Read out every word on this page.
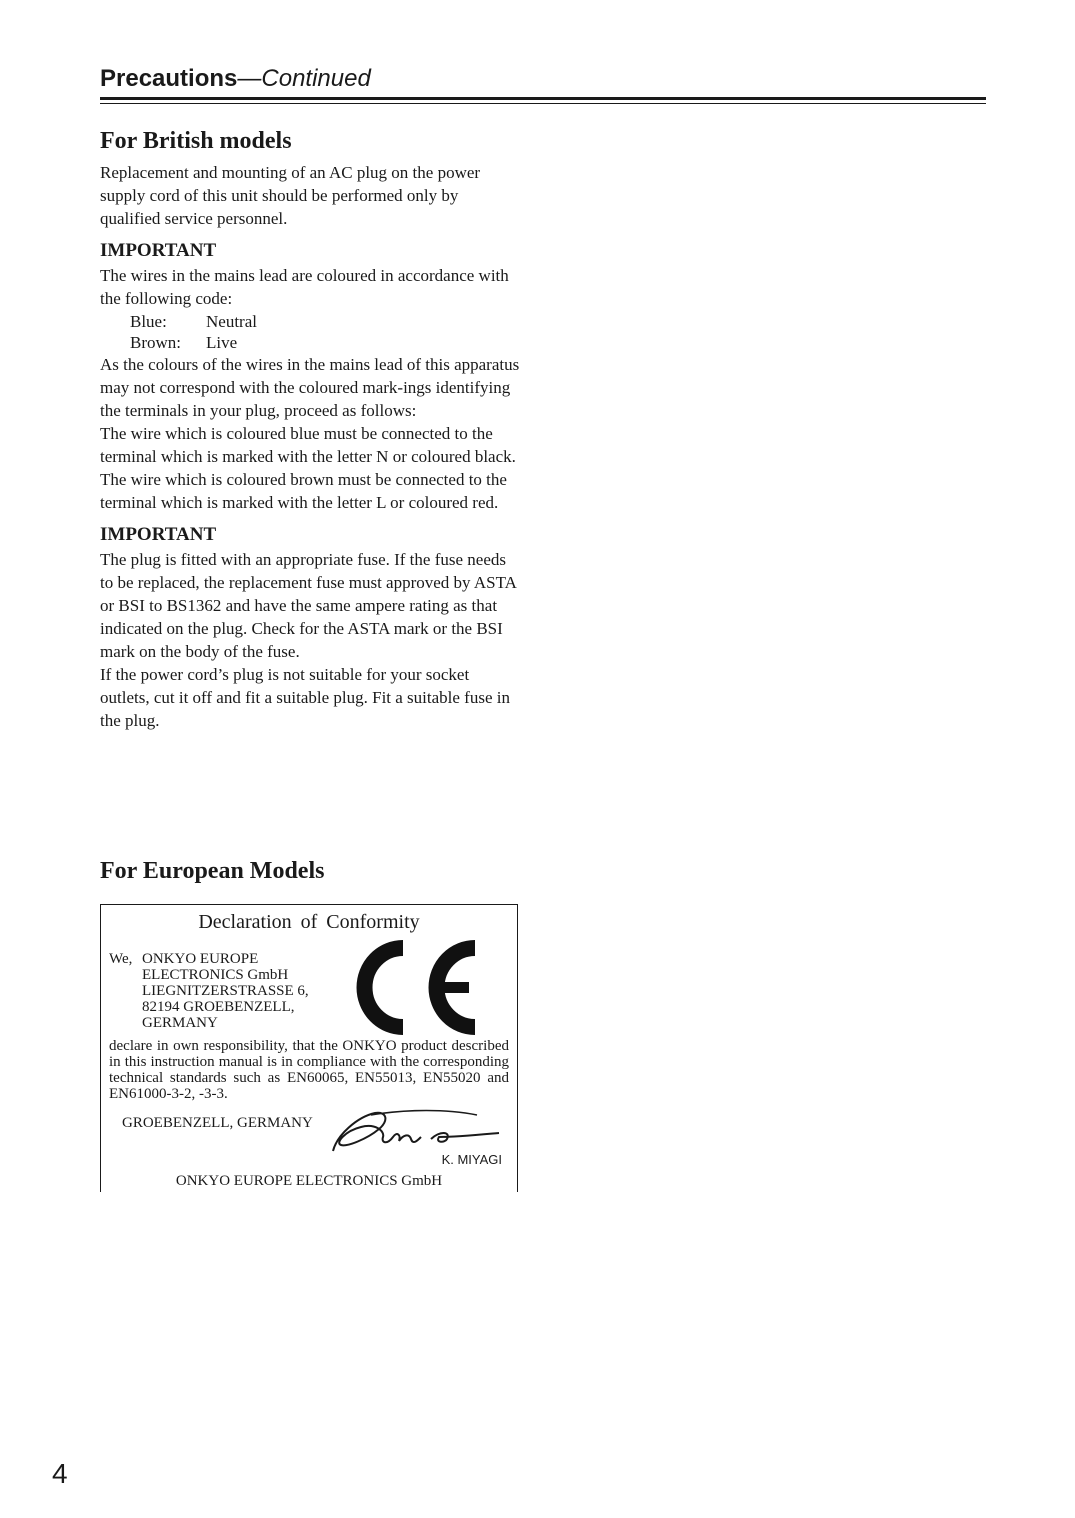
Precautions—Continued
For British models

Replacement and mounting of an AC plug on the power supply cord of this unit should be performed only by qualified service personnel.

IMPORTANT

The wires in the mains lead are coloured in accordance with the following code:

Blue:	Neutral
Brown:	Live

As the colours of the wires in the mains lead of this apparatus may not correspond with the coloured mark-ings identifying the terminals in your plug, proceed as follows:

The wire which is coloured blue must be connected to the terminal which is marked with the letter N or coloured black.

The wire which is coloured brown must be connected to the terminal which is marked with the letter L or coloured red.

IMPORTANT

The plug is fitted with an appropriate fuse. If the fuse needs to be replaced, the replacement fuse must approved by ASTA or BSI to BS1362 and have the same ampere rating as that indicated on the plug. Check for the ASTA mark or the BSI mark on the body of the fuse.

If the power cord’s plug is not suitable for your socket outlets, cut it off and fit a suitable plug. Fit a suitable fuse in the plug.

For European Models
Declaration of Conformity
We, ONKYO EUROPE
ELECTRONICS GmbH
LIEGNITZERSTRASSE 6,
82194 GROEBENZELL,
GERMANY
declare in own responsibility, that the ONKYO product described in this instruction manual is in compliance with the corresponding technical standards such as EN60065, EN55013, EN55020 and EN61000-3-2, -3-3.
GROEBENZELL, GERMANY
K. MIYAGI
ONKYO EUROPE ELECTRONICS GmbH
4
